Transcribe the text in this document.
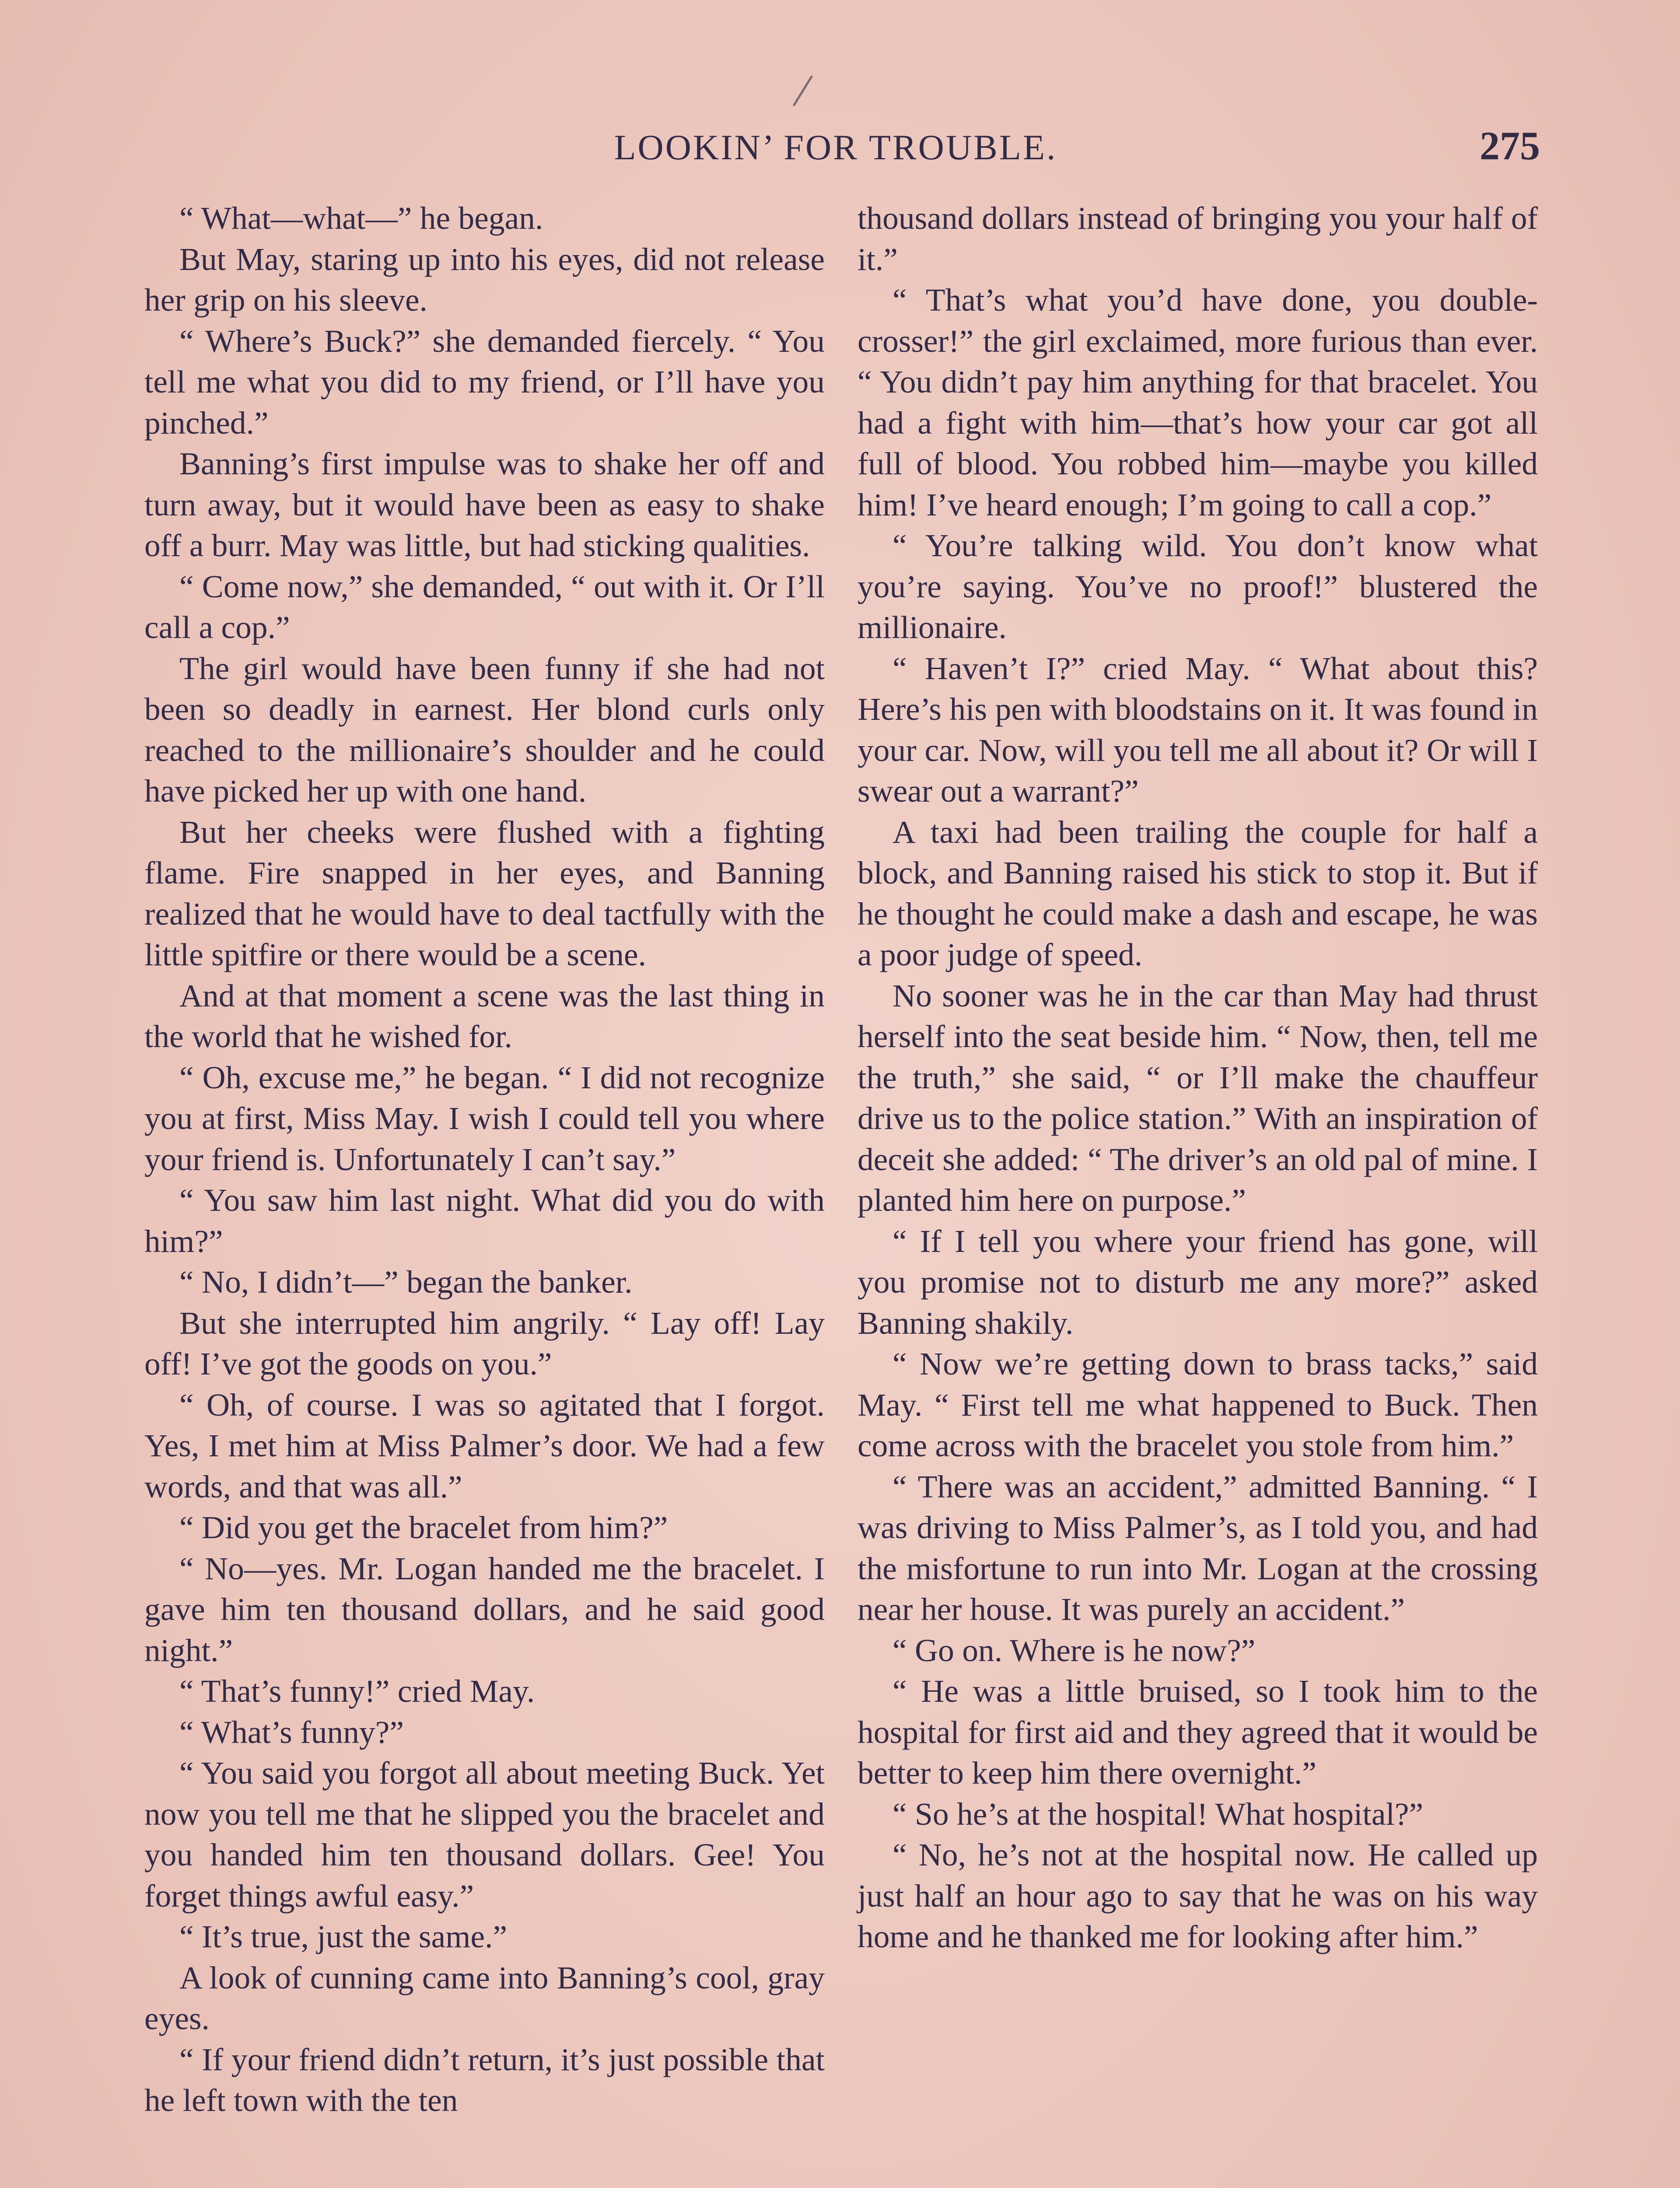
LOOKIN’ FOR TROUBLE.	275

“ What—what—” he began.

But May, staring up into his eyes, did not release her grip on his sleeve.

“ Where’s Buck?” she demanded fiercely. “ You tell me what you did to my friend, or I’ll have you pinched.”

Banning’s first impulse was to shake her off and turn away, but it would have been as easy to shake off a burr. May was little, but had sticking qualities.

“ Come now,” she demanded, “ out with it. Or I’ll call a cop.”

The girl would have been funny if she had not been so deadly in earnest. Her blond curls only reached to the millionaire’s shoulder and he could have picked her up with one hand.

But her cheeks were flushed with a fighting flame. Fire snapped in her eyes, and Banning realized that he would have to deal tactfully with the little spitfire or there would be a scene.

And at that moment a scene was the last thing in the world that he wished for.

“ Oh, excuse me,” he began. “ I did not recognize you at first, Miss May. I wish I could tell you where your friend is. Unfortunately I can’t say.”

“ You saw him last night. What did you do with him?”

“ No, I didn’t—” began the banker.

But she interrupted him angrily. “ Lay off! Lay off! I’ve got the goods on you.”

“ Oh, of course. I was so agitated that I forgot. Yes, I met him at Miss Palmer’s door. We had a few words, and that was all.”

“ Did you get the bracelet from him?”

“ No—yes. Mr. Logan handed me the bracelet. I gave him ten thousand dollars, and he said good night.”

“ That’s funny!” cried May.

“ What’s funny?”

“ You said you forgot all about meeting Buck. Yet now you tell me that he slipped you the bracelet and you handed him ten thousand dollars. Gee! You forget things awful easy.”

“ It’s true, just the same.”

A look of cunning came into Banning’s cool, gray eyes.

“ If your friend didn’t return, it’s just possible that he left town with the ten

thousand dollars instead of bringing you your half of it.”

“ That’s what you’d have done, you double-crosser!” the girl exclaimed, more furious than ever. “ You didn’t pay him anything for that bracelet. You had a fight with him—that’s how your car got all full of blood. You robbed him—maybe you killed him! I’ve heard enough; I’m going to call a cop.”

“ You’re talking wild. You don’t know what you’re saying. You’ve no proof!” blustered the millionaire.

“ Haven’t I?” cried May. “ What about this? Here’s his pen with bloodstains on it. It was found in your car. Now, will you tell me all about it? Or will I swear out a warrant?”

A taxi had been trailing the couple for half a block, and Banning raised his stick to stop it. But if he thought he could make a dash and escape, he was a poor judge of speed.

No sooner was he in the car than May had thrust herself into the seat beside him. “ Now, then, tell me the truth,” she said, “ or I’ll make the chauffeur drive us to the police station.” With an inspiration of deceit she added: “ The driver’s an old pal of mine. I planted him here on purpose.”

“ If I tell you where your friend has gone, will you promise not to disturb me any more?” asked Banning shakily.

“ Now we’re getting down to brass tacks,” said May. “ First tell me what happened to Buck. Then come across with the bracelet you stole from him.”

“ There was an accident,” admitted Banning. “ I was driving to Miss Palmer’s, as I told you, and had the misfortune to run into Mr. Logan at the crossing near her house. It was purely an accident.”

“ Go on. Where is he now?”

“ He was a little bruised, so I took him to the hospital for first aid and they agreed that it would be better to keep him there overnight.”

“ So he’s at the hospital! What hospital?”

“ No, he’s not at the hospital now. He called up just half an hour ago to say that he was on his way home and he thanked me for looking after him.”
